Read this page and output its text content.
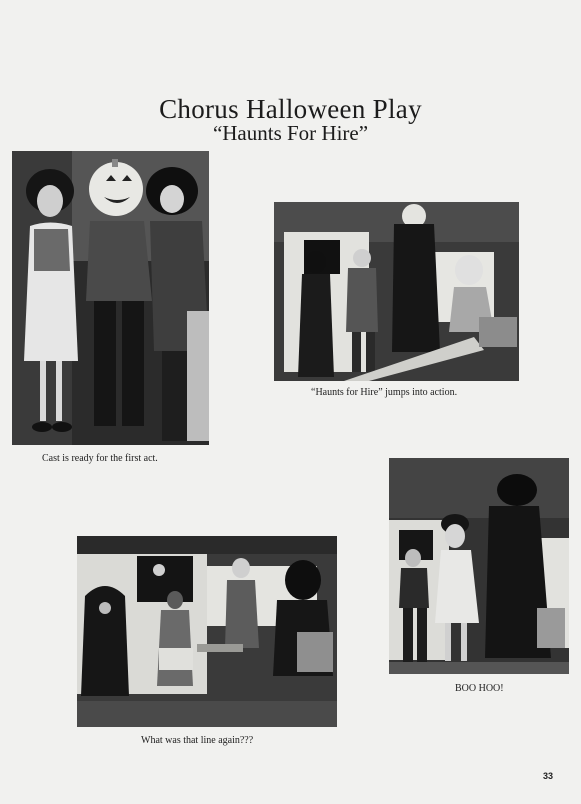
Chorus Halloween Play
“Haunts For Hire”
Cast is ready for the first act.
“Haunts for Hire” jumps into action.
BOO HOO!
What was that line again???
33
